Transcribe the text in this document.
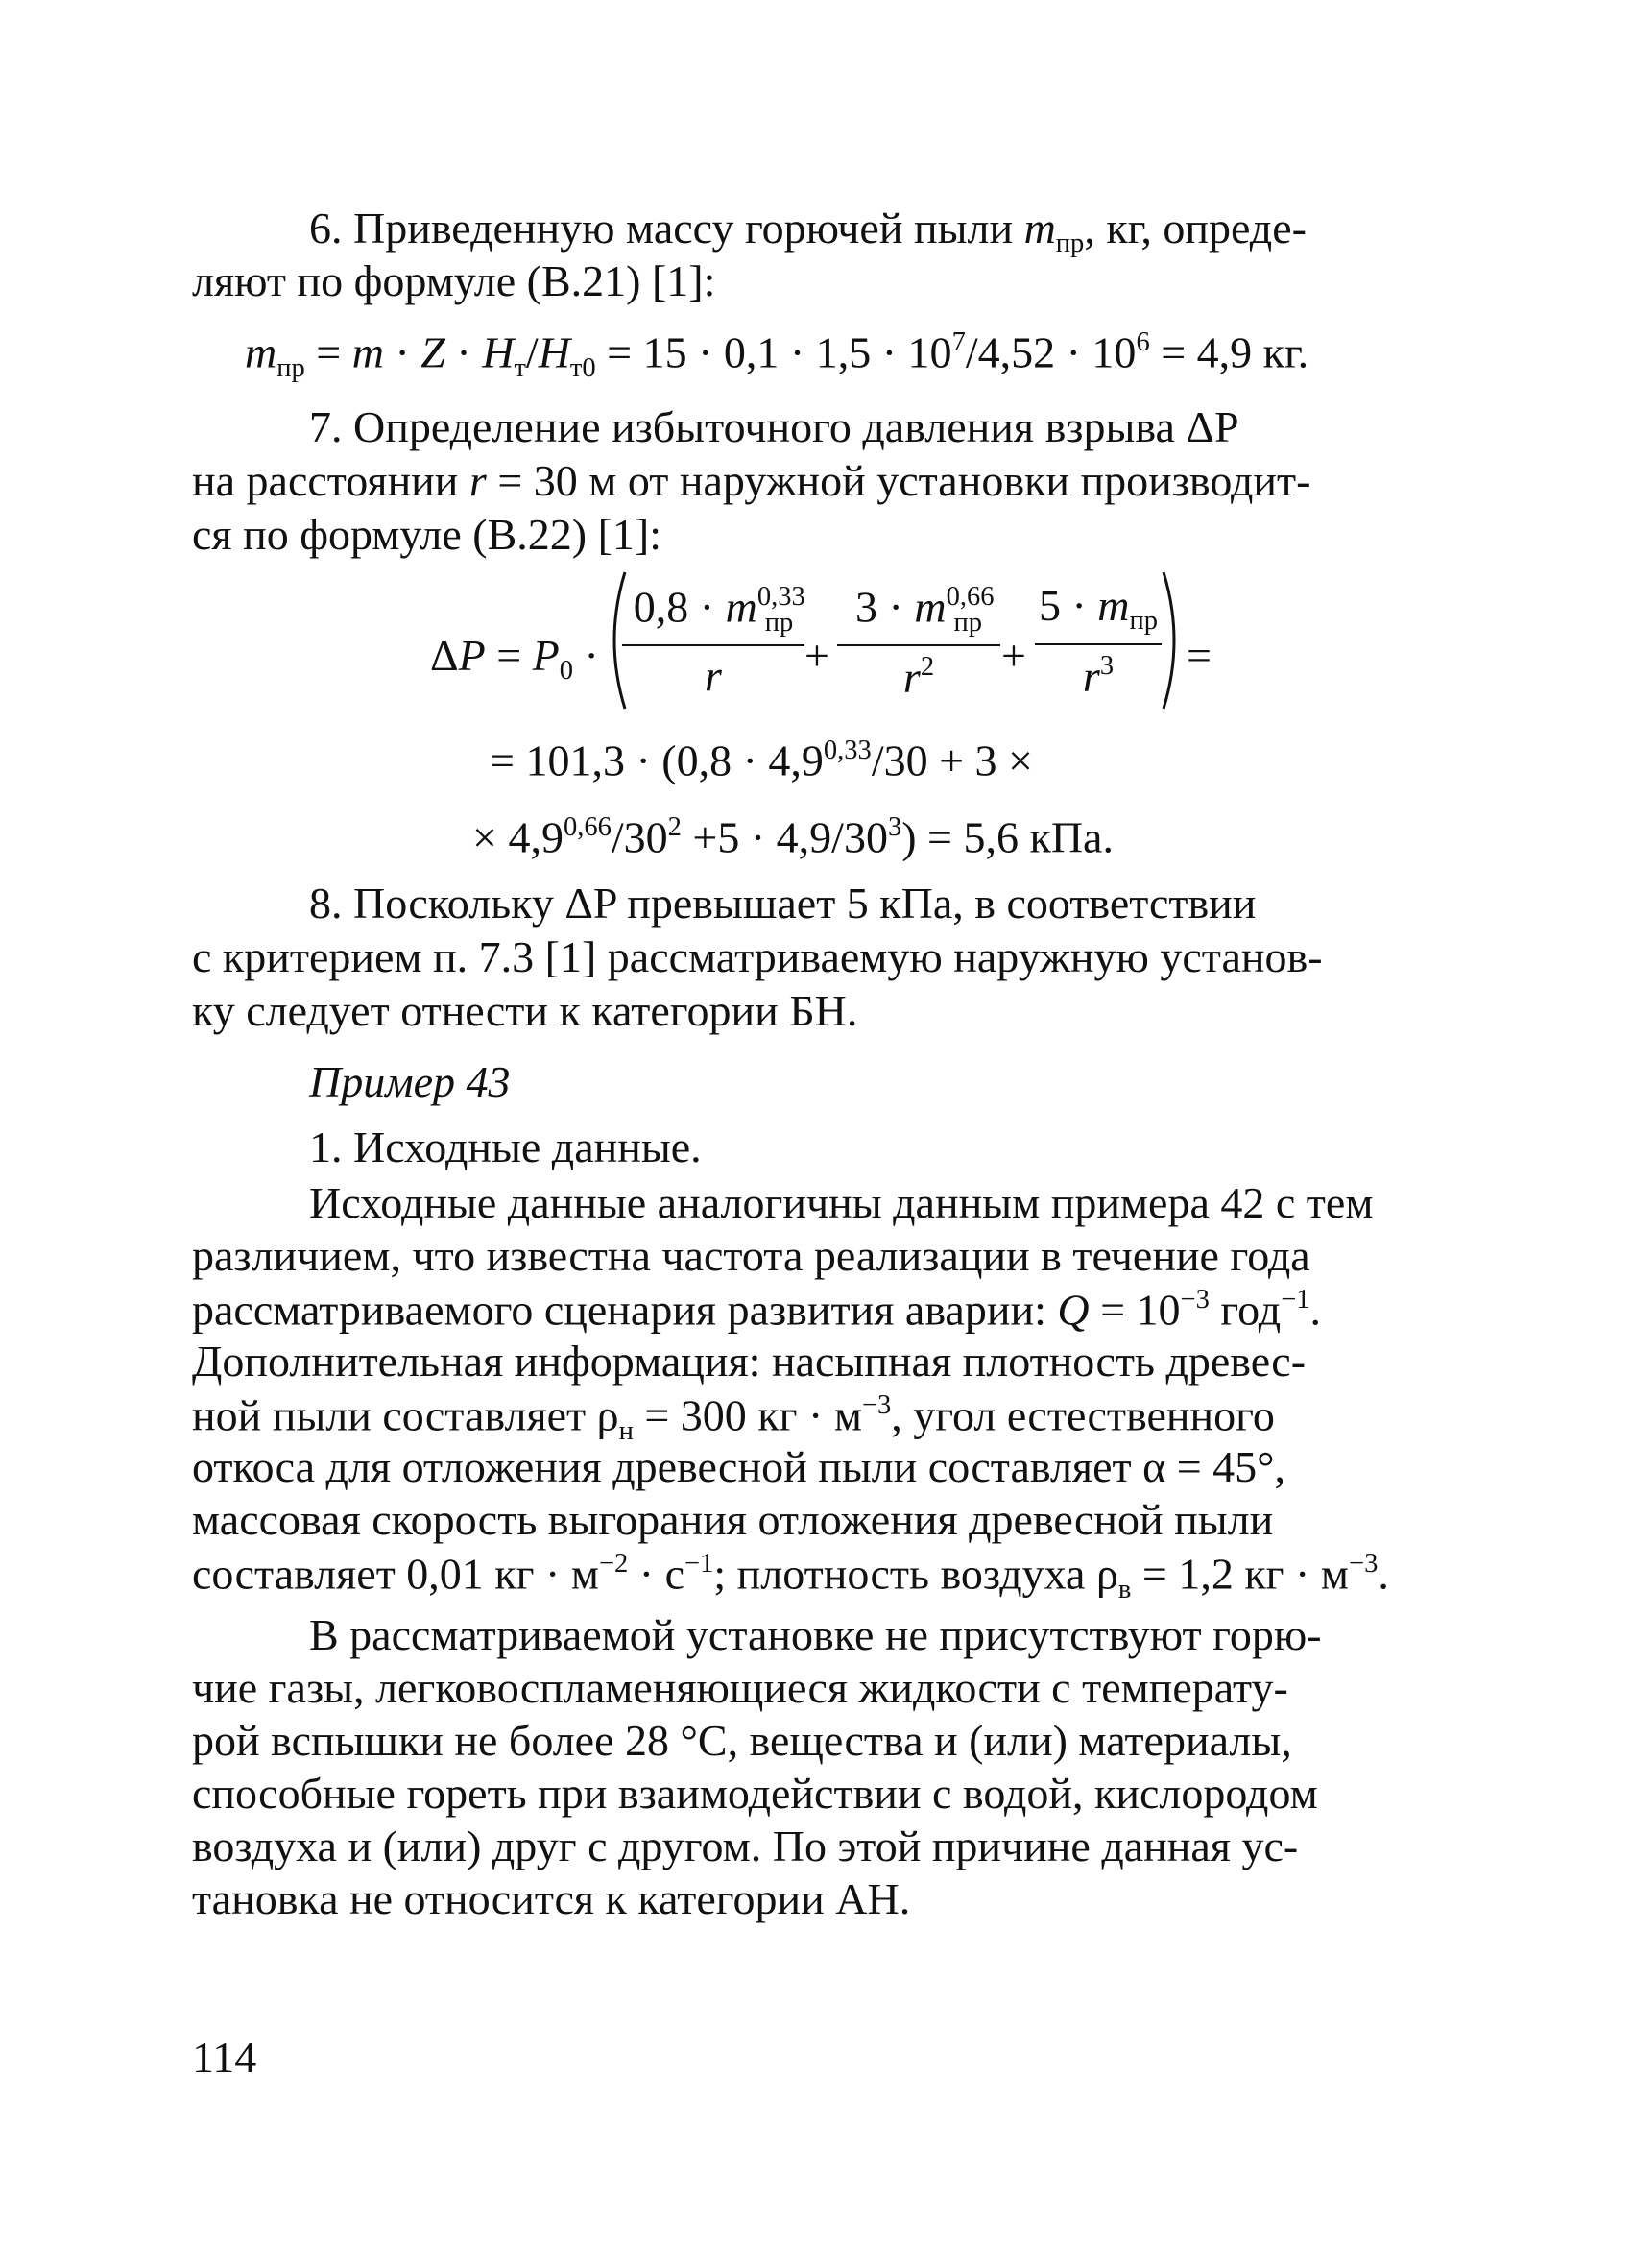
6. Приведенную массу горючей пыли $m_{пр}$, кг, опреде-
ляют по формуле (В.21) [1]:
$m_{пр} = m \cdot Z \cdot H_т/H_{т0} = 15 \cdot 0,1 \cdot 1,5 \cdot 10^7/4,52 \cdot 10^6 = 4,9$ кг.
7. Определение избыточного давления взрыва ΔP
на расстоянии r = 30 м от наружной установки производит-
ся по формуле (В.22) [1]:
$\Delta P = P_0$ ·
$0,8 \cdot m^{0,33}_{пр}$
r	+
$3 \cdot m^{0,66}_{пр}$
$r^2$	+
$5 \cdot m_{пр}$
$r^3$	=
= $101,3 \cdot (0,8 \cdot 4,9^{0,33}/30 + 3$ ×
× $4,9^{0,66}/30^2 +5 \cdot 4,9/30^3) = 5,6$ кПа.
8. Поскольку ΔP превышает 5 кПа, в соответствии
с критерием п. 7.3 [1] рассматриваемую наружную установ-
ку следует отнести к категории БН.
Пример 43
1. Исходные данные.
Исходные данные аналогичны данным примера 42 с тем
различием, что известна частота реализации в течение года
рассматриваемого сценария развития аварии: $Q = 10^{-3}$ год$^{-1}$.
Дополнительная информация: насыпная плотность древес-
ной пыли составляет $\rho_н = 300$ кг · $м^{-3}$, угол естественного
откоса для отложения древесной пыли составляет α = 45°,
массовая скорость выгорания отложения древесной пыли
составляет 0,01 кг · $м^{-2} \cdot с^{-1}$; плотность воздуха $\rho_в = 1,2$ кг · $м^{-3}$.
В рассматриваемой установке не присутствуют горю-
чие газы, легковоспламеняющиеся жидкости с температу-
рой вспышки не более 28 °C, вещества и (или) материалы,
способные гореть при взаимодействии с водой, кислородом
воздуха и (или) друг с другом. По этой причине данная ус-
тановка не относится к категории АН.
114
